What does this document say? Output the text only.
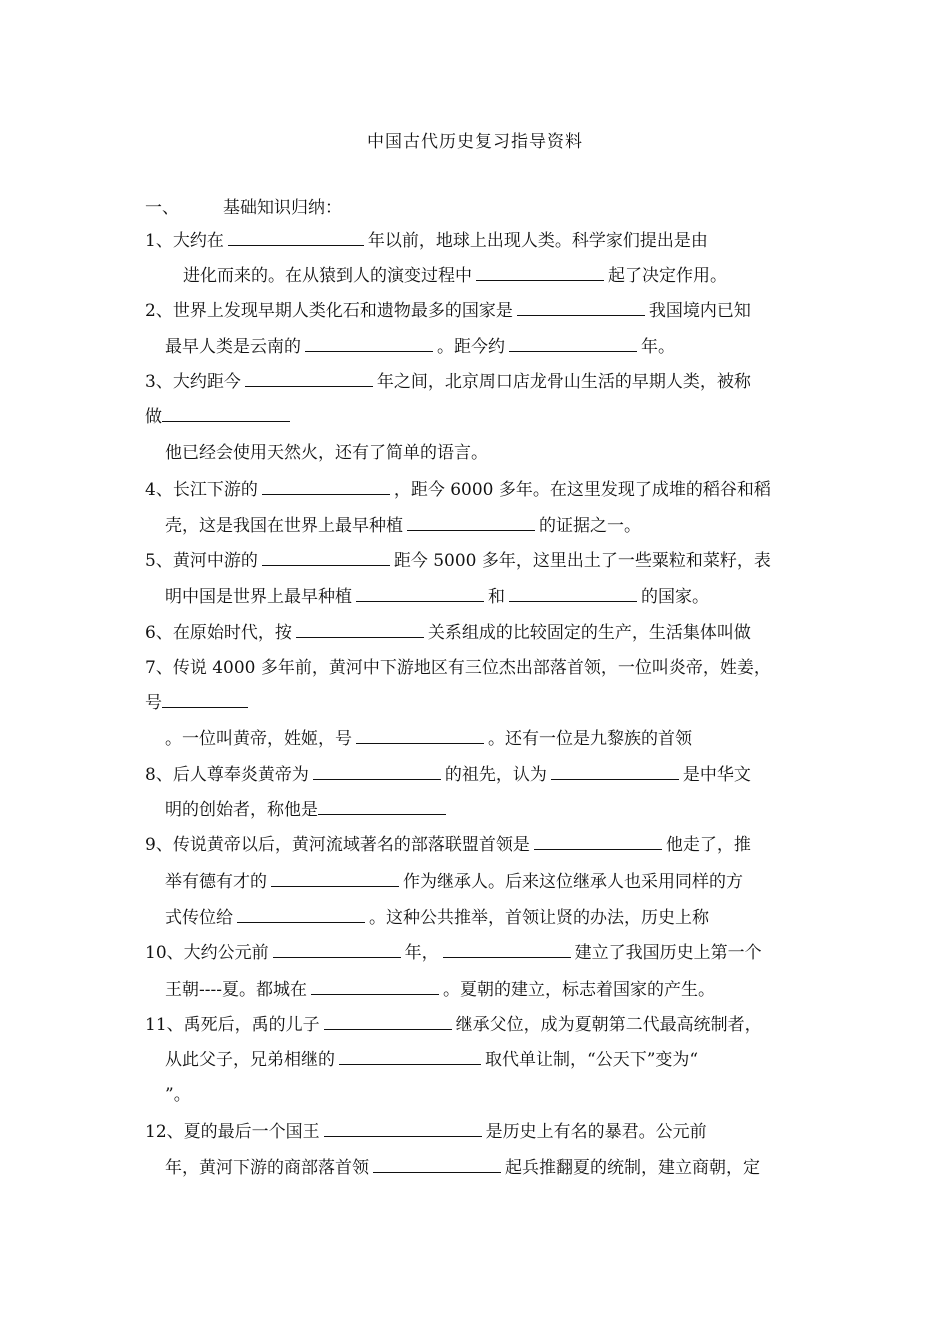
中国古代历史复习指导资料
一、	基础知识归纳：
1、大约在	年以前，地球上出现人类。科学家们提出是由
进化而来的。在从猿到人的演变过程中	起了决定作用。
2、世界上发现早期人类化石和遗物最多的国家是	我国境内已知
最早人类是云南的	。距今约	年。
3、大约距今	年之间，北京周口店龙骨山生活的早期人类，被称
做
他已经会使用天然火，还有了简单的语言。
4、长江下游的	，距今 6000 多年。在这里发现了成堆的稻谷和稻
壳，这是我国在世界上最早种植	的证据之一。
5、黄河中游的	距今 5000 多年，这里出土了一些粟粒和菜籽，表
明中国是世界上最早种植	和	的国家。
6、在原始时代，按	关系组成的比较固定的生产，生活集体叫做
7、传说 4000 多年前，黄河中下游地区有三位杰出部落首领，一位叫炎帝，姓姜，
号
。一位叫黄帝，姓姬，号	。还有一位是九黎族的首领
8、后人尊奉炎黄帝为	的祖先，认为	是中华文
明的创始者，称他是
9、传说黄帝以后，黄河流域著名的部落联盟首领是	他走了，推
举有德有才的	作为继承人。后来这位继承人也采用同样的方
式传位给	。这种公共推举，首领让贤的办法，历史上称
10、大约公元前	年，	建立了我国历史上第一个
王朝----夏。都城在	。夏朝的建立，标志着国家的产生。
11、禹死后，禹的儿子	继承父位，成为夏朝第二代最高统制者，
从此父子，兄弟相继的	取代单让制，“公天下”变为“
”。
12、夏的最后一个国王	是历史上有名的暴君。公元前
年，黄河下游的商部落首领	起兵推翻夏的统制，建立商朝，定
